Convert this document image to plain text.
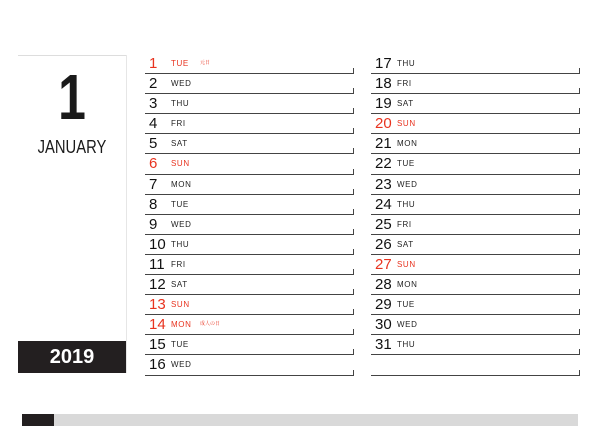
1
JANUARY
2019
1	TUE 元日
2	WED
3	THU
4	FRI
5	SAT
6	SUN
7	MON
8	TUE
9	WED
10 THU
11 FRI
12 SAT
13 SUN
14 MON 成人の日
15 TUE
16 WED
17 THU
18 FRI
19 SAT
20 SUN
21 MON
22 TUE
23 WED
24 THU
25 FRI
26 SAT
27 SUN
28 MON
29 TUE
30 WED
31 THU
